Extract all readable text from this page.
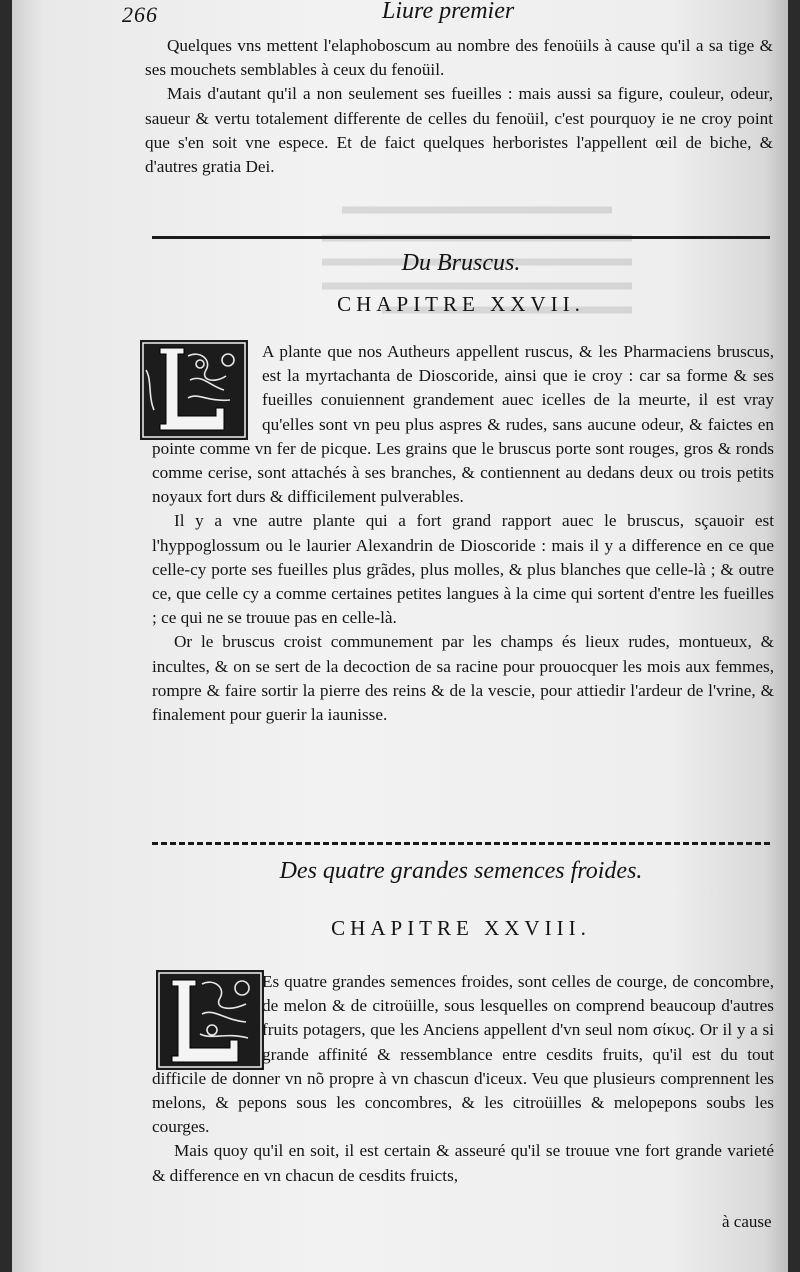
266	Liure premier

Quelques vns mettent l'elaphoboscum au nombre des fenoüils à cause qu'il a sa tige & ses mouchets semblables à ceux du fenoüil.

Mais d'autant qu'il a non seulement ses fueilles : mais aussi sa figure, couleur, odeur, saueur & vertu totalement differente de celles du fenoüil, c'est pourquoy ie ne croy point que s'en soit vne espece. Et de faict quelques herboristes l'appellent œil de biche, & d'autres gratia Dei.

Du Bruscus.
CHAPITRE XXVII.

A plante que nos Autheurs appellent ruscus, & les Pharmaciens bruscus, est la myrtachanta de Dioscoride, ainsi que ie croy : car sa forme & ses fueilles conuiennent grandement auec icelles de la meurte, il est vray qu'elles sont vn peu plus aspres & rudes, sans aucune odeur, & faictes en pointe comme vn fer de picque. Les grains que le bruscus porte sont rouges, gros & ronds comme cerise, sont attachés à ses branches, & contiennent au dedans deux ou trois petits noyaux fort durs & difficilement pulverables.

Il y a vne autre plante qui a fort grand rapport auec le bruscus, sçauoir est l'hyppoglossum ou le laurier Alexandrin de Dioscoride : mais il y a difference en ce que celle-cy porte ses fueilles plus grãdes, plus molles, & plus blanches que celle-là ; & outre ce, que celle cy a comme certaines petites langues à la cime qui sortent d'entre les fueilles ; ce qui ne se trouue pas en celle-là.

Or le bruscus croist communement par les champs és lieux rudes, montueux, & incultes, & on se sert de la decoction de sa racine pour prouocquer les mois aux femmes, rompre & faire sortir la pierre des reins & de la vescie, pour attiedir l'ardeur de l'vrine, & finalement pour guerir la iaunisse.

Des quatre grandes semences froides.
CHAPITRE XXVIII.

Es quatre grandes semences froides, sont celles de courge, de concombre, de melon & de citroüille, sous lesquelles on comprend beaucoup d'autres fruits potagers, que les Anciens appellent d'vn seul nom σίκυς. Or il y a si grande affinité & ressemblance entre cesdits fruits, qu'il est du tout difficile de donner vn nõ propre à vn chascun d'iceux. Veu que plusieurs comprennent les melons, & pepons sous les concombres, & les citroüilles & melopepons soubs les courges.

Mais quoy qu'il en soit, il est certain & asseuré qu'il se trouue vne fort grande varieté & difference en vn chacun de cesdits fruicts,

à cause
